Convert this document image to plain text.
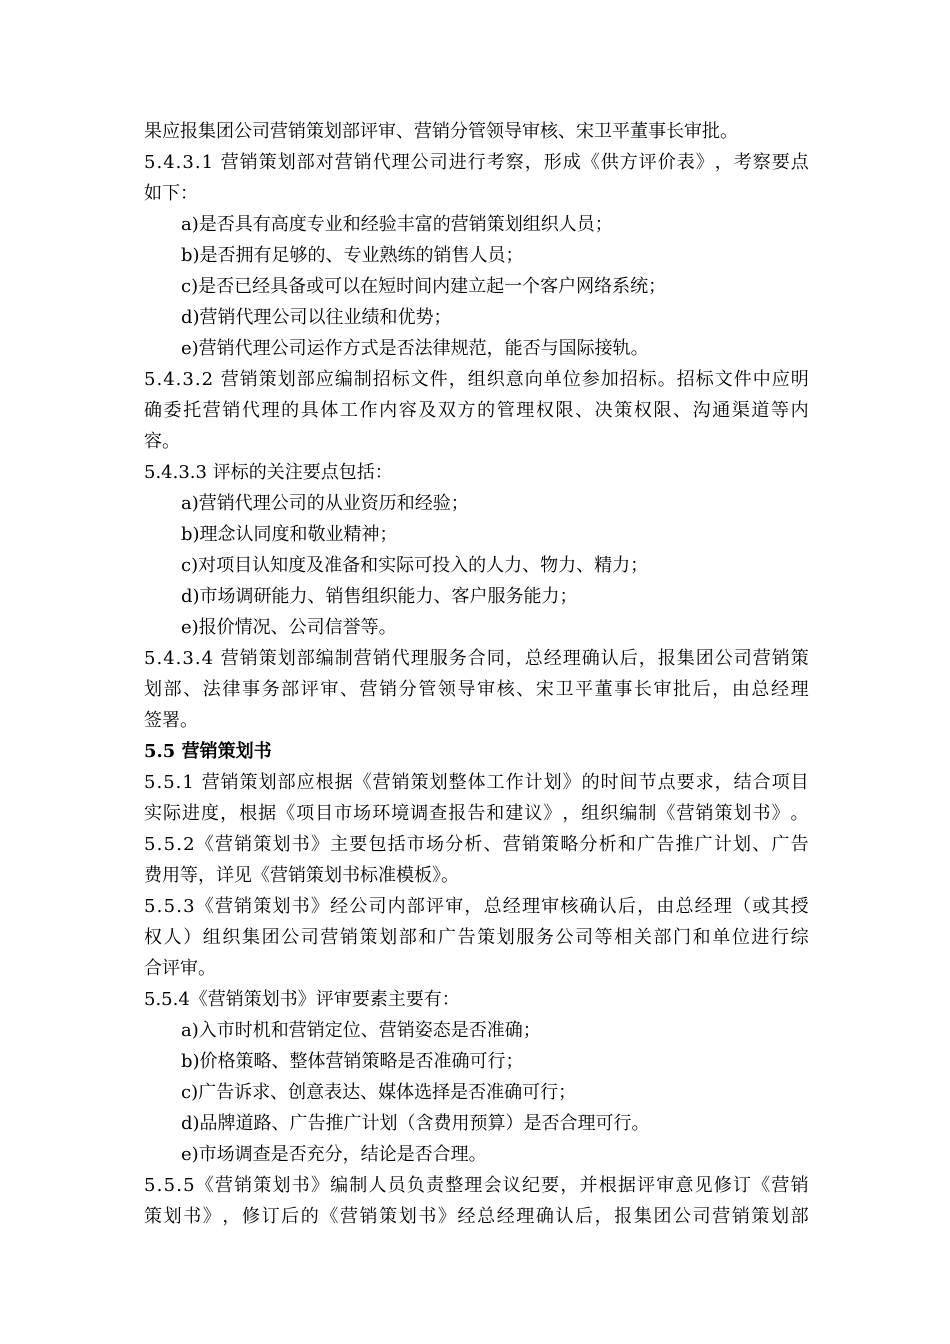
果应报集团公司营销策划部评审、营销分管领导审核、宋卫平董事长审批。
5 . 4 . 3 . 1
营 销 策 划 部 对 营 销 代 理 公 司 进 行 考 察 ， 形 成 《 供 方 评 价 表 》 ， 考 察 要 点
如下：
a)是否具有高度专业和经验丰富的营销策划组织人员；
b)是否拥有足够的、专业熟练的销售人员；
c)是否已经具备或可以在短时间内建立起一个客户网络系统；
d)营销代理公司以往业绩和优势；
e)营销代理公司运作方式是否法律规范，能否与国际接轨。
5 . 4 . 3 . 2
营 销 策 划 部 应 编 制 招 标 文 件 ， 组 织 意 向 单 位 参 加 招 标 。 招 标 文 件 中 应 明
确 委 托 营 销 代 理 的 具 体 工 作 内 容 及 双 方 的 管 理 权 限 、 决 策 权 限 、 沟 通 渠 道 等 内
容。
5.4.3.3 评标的关注要点包括：
a)营销代理公司的从业资历和经验；
b)理念认同度和敬业精神；
c)对项目认知度及准备和实际可投入的人力、物力、精力；
d)市场调研能力、销售组织能力、客户服务能力；
e)报价情况、公司信誉等。
5 . 4 . 3 . 4
营 销 策 划 部 编 制 营 销 代 理 服 务 合 同 ， 总 经 理 确 认 后 ， 报 集 团 公 司 营 销 策
划 部 、 法 律 事 务 部 评 审 、 营 销 分 管 领 导 审 核 、 宋 卫 平 董 事 长 审 批 后 ， 由 总 经 理
签署。
5.5 营销策划书
5 . 5 . 1
营 销 策 划 部 应 根 据 《 营 销 策 划 整 体 工 作 计 划 》 的 时 间 节 点 要 求 ， 结 合 项 目
实 际 进 度 ， 根 据 《 项 目 市 场 环 境 调 查 报 告 和 建 议 》 ， 组 织 编 制 《 营 销 策 划 书 》 。
5 . 5 . 2 《 营 销 策 划 书 》 主 要 包 括 市 场 分 析 、 营 销 策 略 分 析 和 广 告 推 广 计 划 、 广 告
费用等，详见《营销策划书标准模板》。
5 . 5 . 3 《 营 销 策 划 书 》 经 公 司 内 部 评 审 ， 总 经 理 审 核 确 认 后 ， 由 总 经 理 （ 或 其 授
权 人 ） 组 织 集 团 公 司 营 销 策 划 部 和 广 告 策 划 服 务 公 司 等 相 关 部 门 和 单 位 进 行 综
合评审。
5.5.4《营销策划书》评审要素主要有：
a)入市时机和营销定位、营销姿态是否准确；
b)价格策略、整体营销策略是否准确可行；
c)广告诉求、创意表达、媒体选择是否准确可行；
d)品牌道路、广告推广计划（含费用预算）是否合理可行。
e)市场调查是否充分，结论是否合理。
5 . 5 . 5 《 营 销 策 划 书 》 编 制 人 员 负 责 整 理 会 议 纪 要 ， 并 根 据 评 审 意 见 修 订 《 营 销
策 划 书 》 ， 修 订 后 的 《 营 销 策 划 书 》 经 总 经 理 确 认 后 ， 报 集 团 公 司 营 销 策 划 部
